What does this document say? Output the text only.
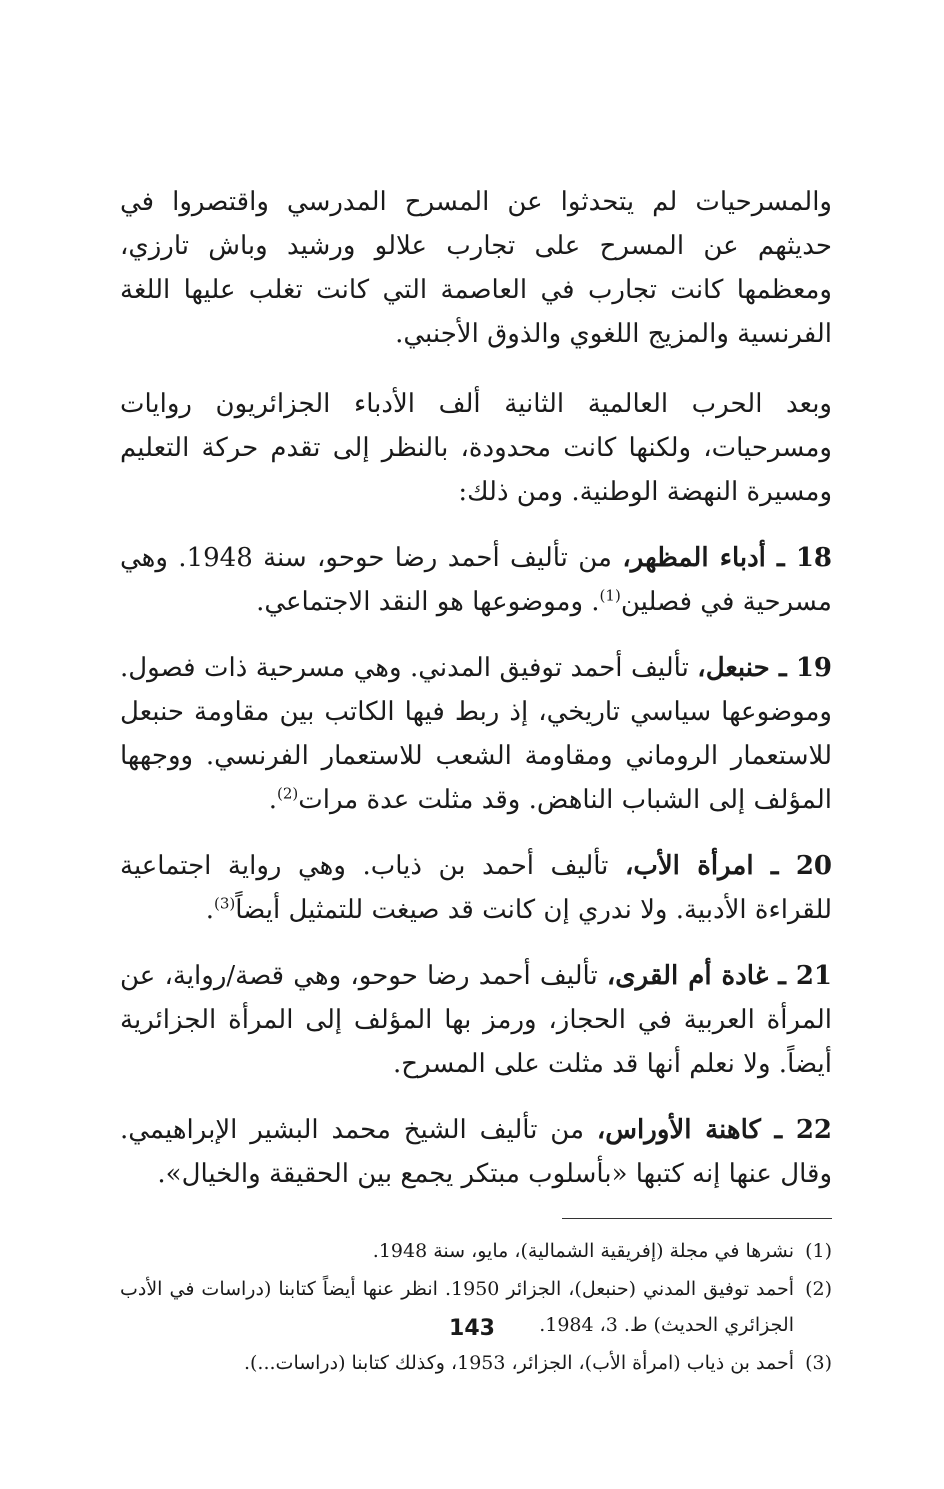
والمسرحيات لم يتحدثوا عن المسرح المدرسي واقتصروا في حديثهم عن المسرح على تجارب علالو ورشيد وباش تارزي، ومعظمها كانت تجارب في العاصمة التي كانت تغلب عليها اللغة الفرنسية والمزيج اللغوي والذوق الأجنبي.

وبعد الحرب العالمية الثانية ألف الأدباء الجزائريون روايات ومسرحيات، ولكنها كانت محدودة، بالنظر إلى تقدم حركة التعليم ومسيرة النهضة الوطنية. ومن ذلك:

18 ـ أدباء المظهر، من تأليف أحمد رضا حوحو، سنة 1948. وهي مسرحية في فصلين$^{(1)}$. وموضوعها هو النقد الاجتماعي.

19 ـ حنبعل، تأليف أحمد توفيق المدني. وهي مسرحية ذات فصول. وموضوعها سياسي تاريخي، إذ ربط فيها الكاتب بين مقاومة حنبعل للاستعمار الروماني ومقاومة الشعب للاستعمار الفرنسي. ووجهها المؤلف إلى الشباب الناهض. وقد مثلت عدة مرات$^{(2)}$.

20 ـ امرأة الأب، تأليف أحمد بن ذياب. وهي رواية اجتماعية للقراءة الأدبية. ولا ندري إن كانت قد صيغت للتمثيل أيضاً$^{(3)}$.

21 ـ غادة أم القرى، تأليف أحمد رضا حوحو، وهي قصة/رواية، عن المرأة العربية في الحجاز، ورمز بها المؤلف إلى المرأة الجزائرية أيضاً. ولا نعلم أنها قد مثلت على المسرح.

22 ـ كاهنة الأوراس، من تأليف الشيخ محمد البشير الإبراهيمي. وقال عنها إنه كتبها «بأسلوب مبتكر يجمع بين الحقيقة والخيال».

(1)
نشرها في مجلة (إفريقية الشمالية)، مايو، سنة 1948.
(2)
أحمد توفيق المدني (حنبعل)، الجزائر 1950. انظر عنها أيضاً كتابنا (دراسات في الأدب الجزائري الحديث) ط. 3، 1984.
(3)
أحمد بن ذياب (امرأة الأب)، الجزائر، 1953، وكذلك كتابنا (دراسات...).
143
